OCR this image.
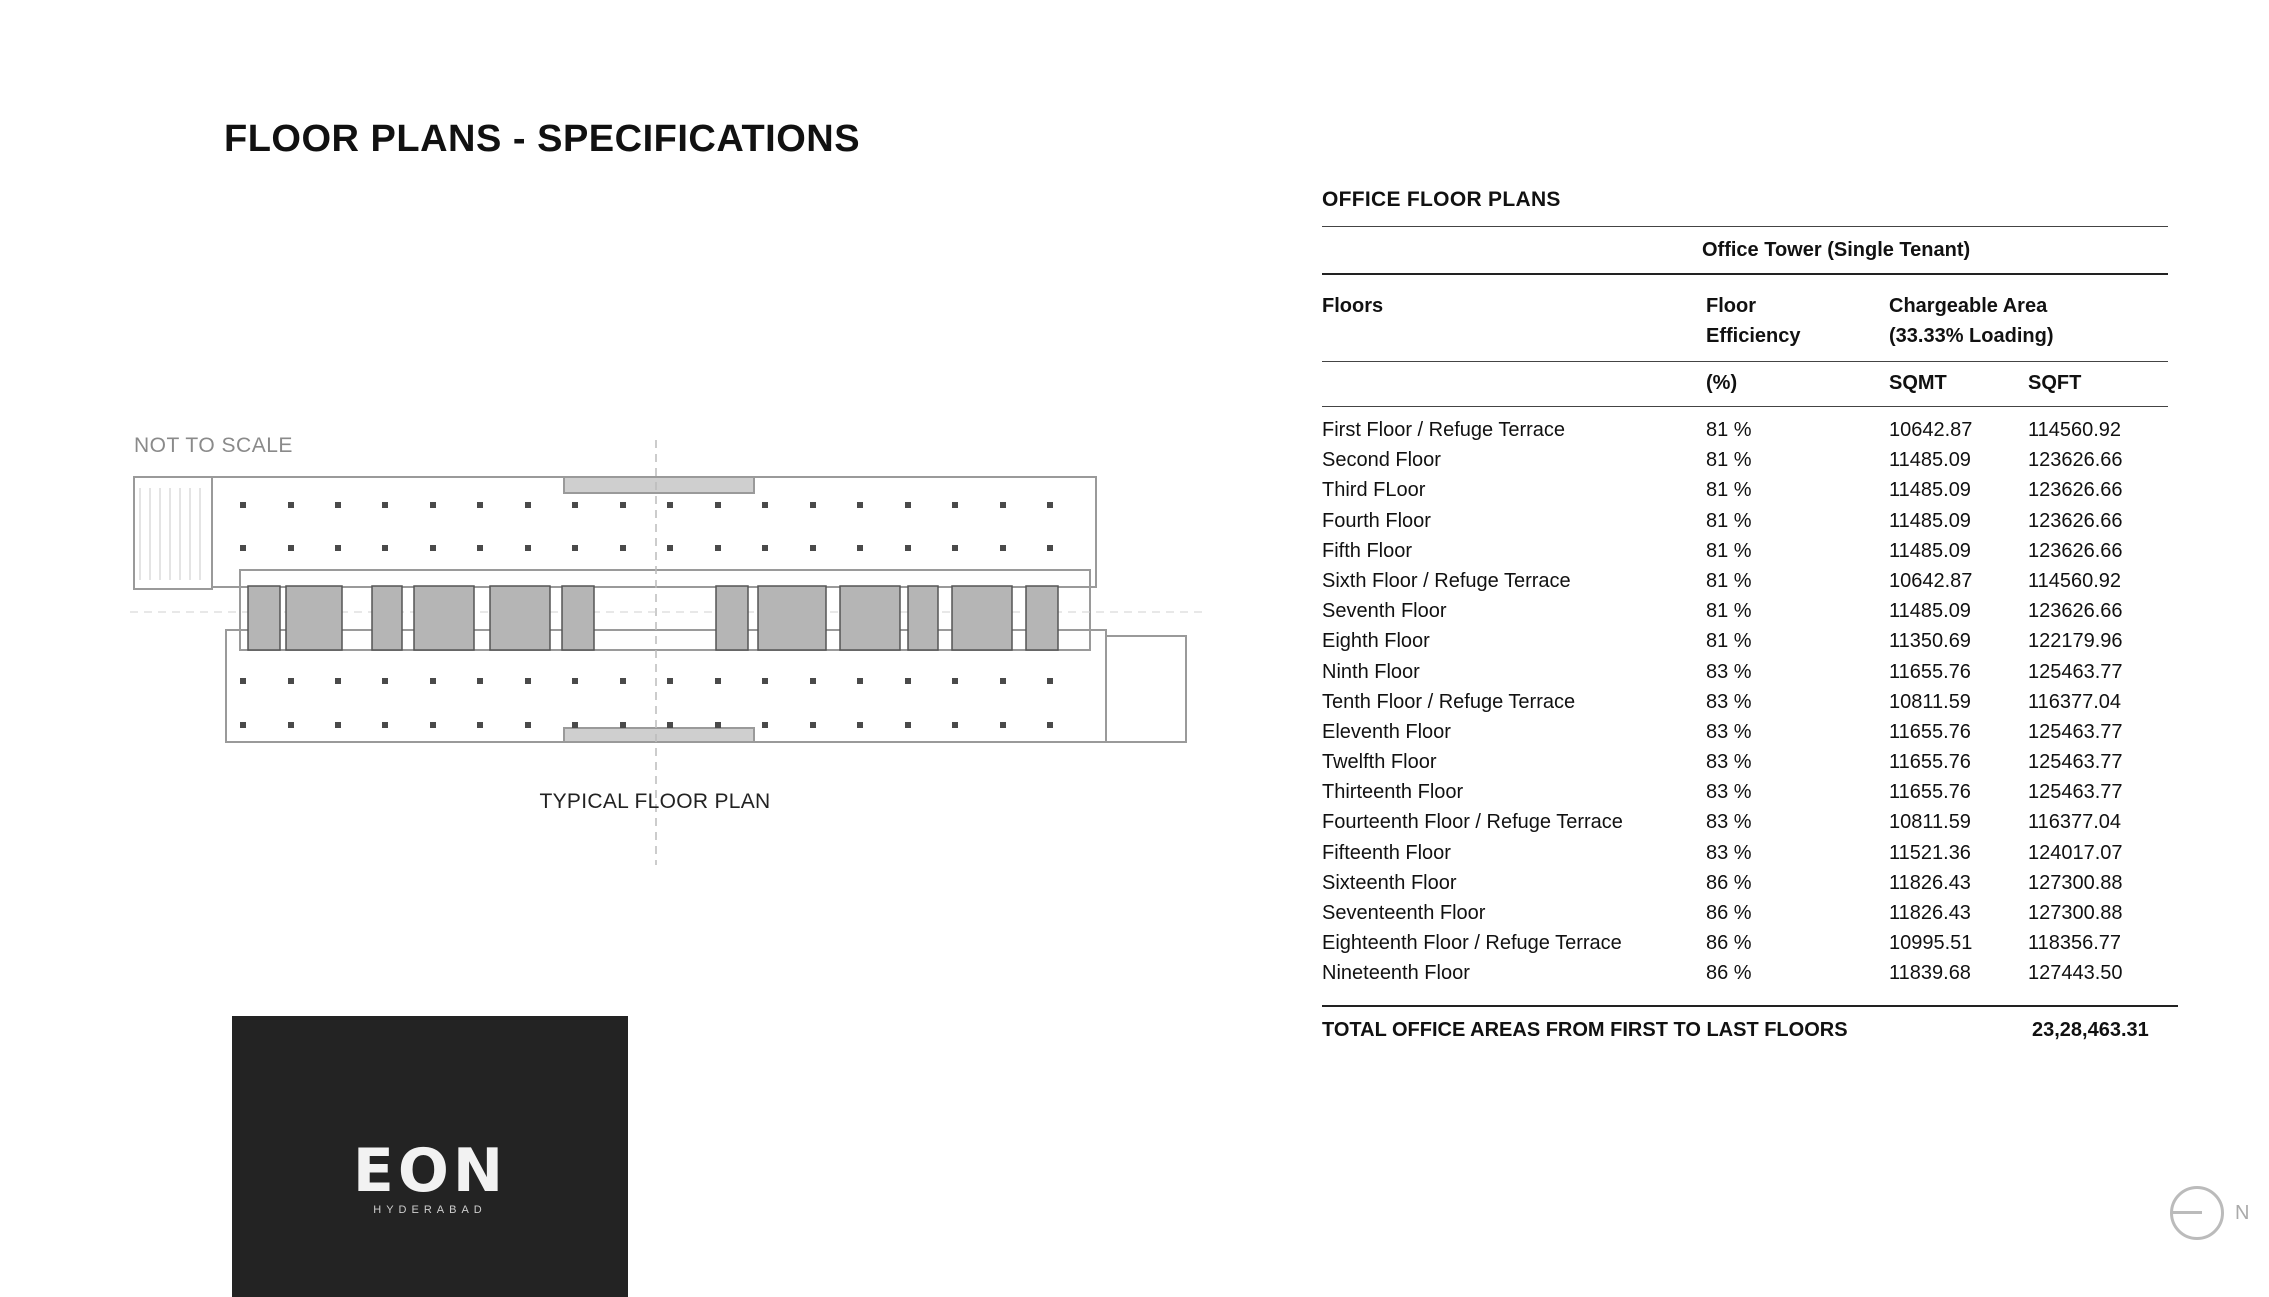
FLOOR PLANS - SPECIFICATIONS
NOT TO SCALE
TYPICAL FLOOR PLAN
EON
HYDERABAD
OFFICE FLOOR PLANS
Office Tower (Single Tenant)
Floors	Floor
Efficiency
Chargeable Area
(33.33% Loading)
(%)	SQMT	SQFT
First Floor / Refuge Terrace	81 %	10642.87	114560.92
Second Floor	81 %	11485.09	123626.66
Third FLoor	81 %	11485.09	123626.66
Fourth Floor	81 %	11485.09	123626.66
Fifth Floor	81 %	11485.09	123626.66
Sixth Floor / Refuge Terrace	81 %	10642.87	114560.92
Seventh Floor	81 %	11485.09	123626.66
Eighth Floor	81 %	11350.69	122179.96
Ninth Floor	83 %	11655.76	125463.77
Tenth Floor / Refuge Terrace	83 %	10811.59	116377.04
Eleventh Floor	83 %	11655.76	125463.77
Twelfth Floor	83 %	11655.76	125463.77
Thirteenth Floor	83 %	11655.76	125463.77
Fourteenth Floor / Refuge Terrace	83 %	10811.59	116377.04
Fifteenth Floor	83 %	11521.36	124017.07
Sixteenth Floor	86 %	11826.43	127300.88
Seventeenth Floor	86 %	11826.43	127300.88
Eighteenth Floor / Refuge Terrace	86 %	10995.51	118356.77
Nineteenth Floor	86 %	11839.68	127443.50
TOTAL OFFICE AREAS FROM FIRST TO LAST FLOORS	23,28,463.31
N
